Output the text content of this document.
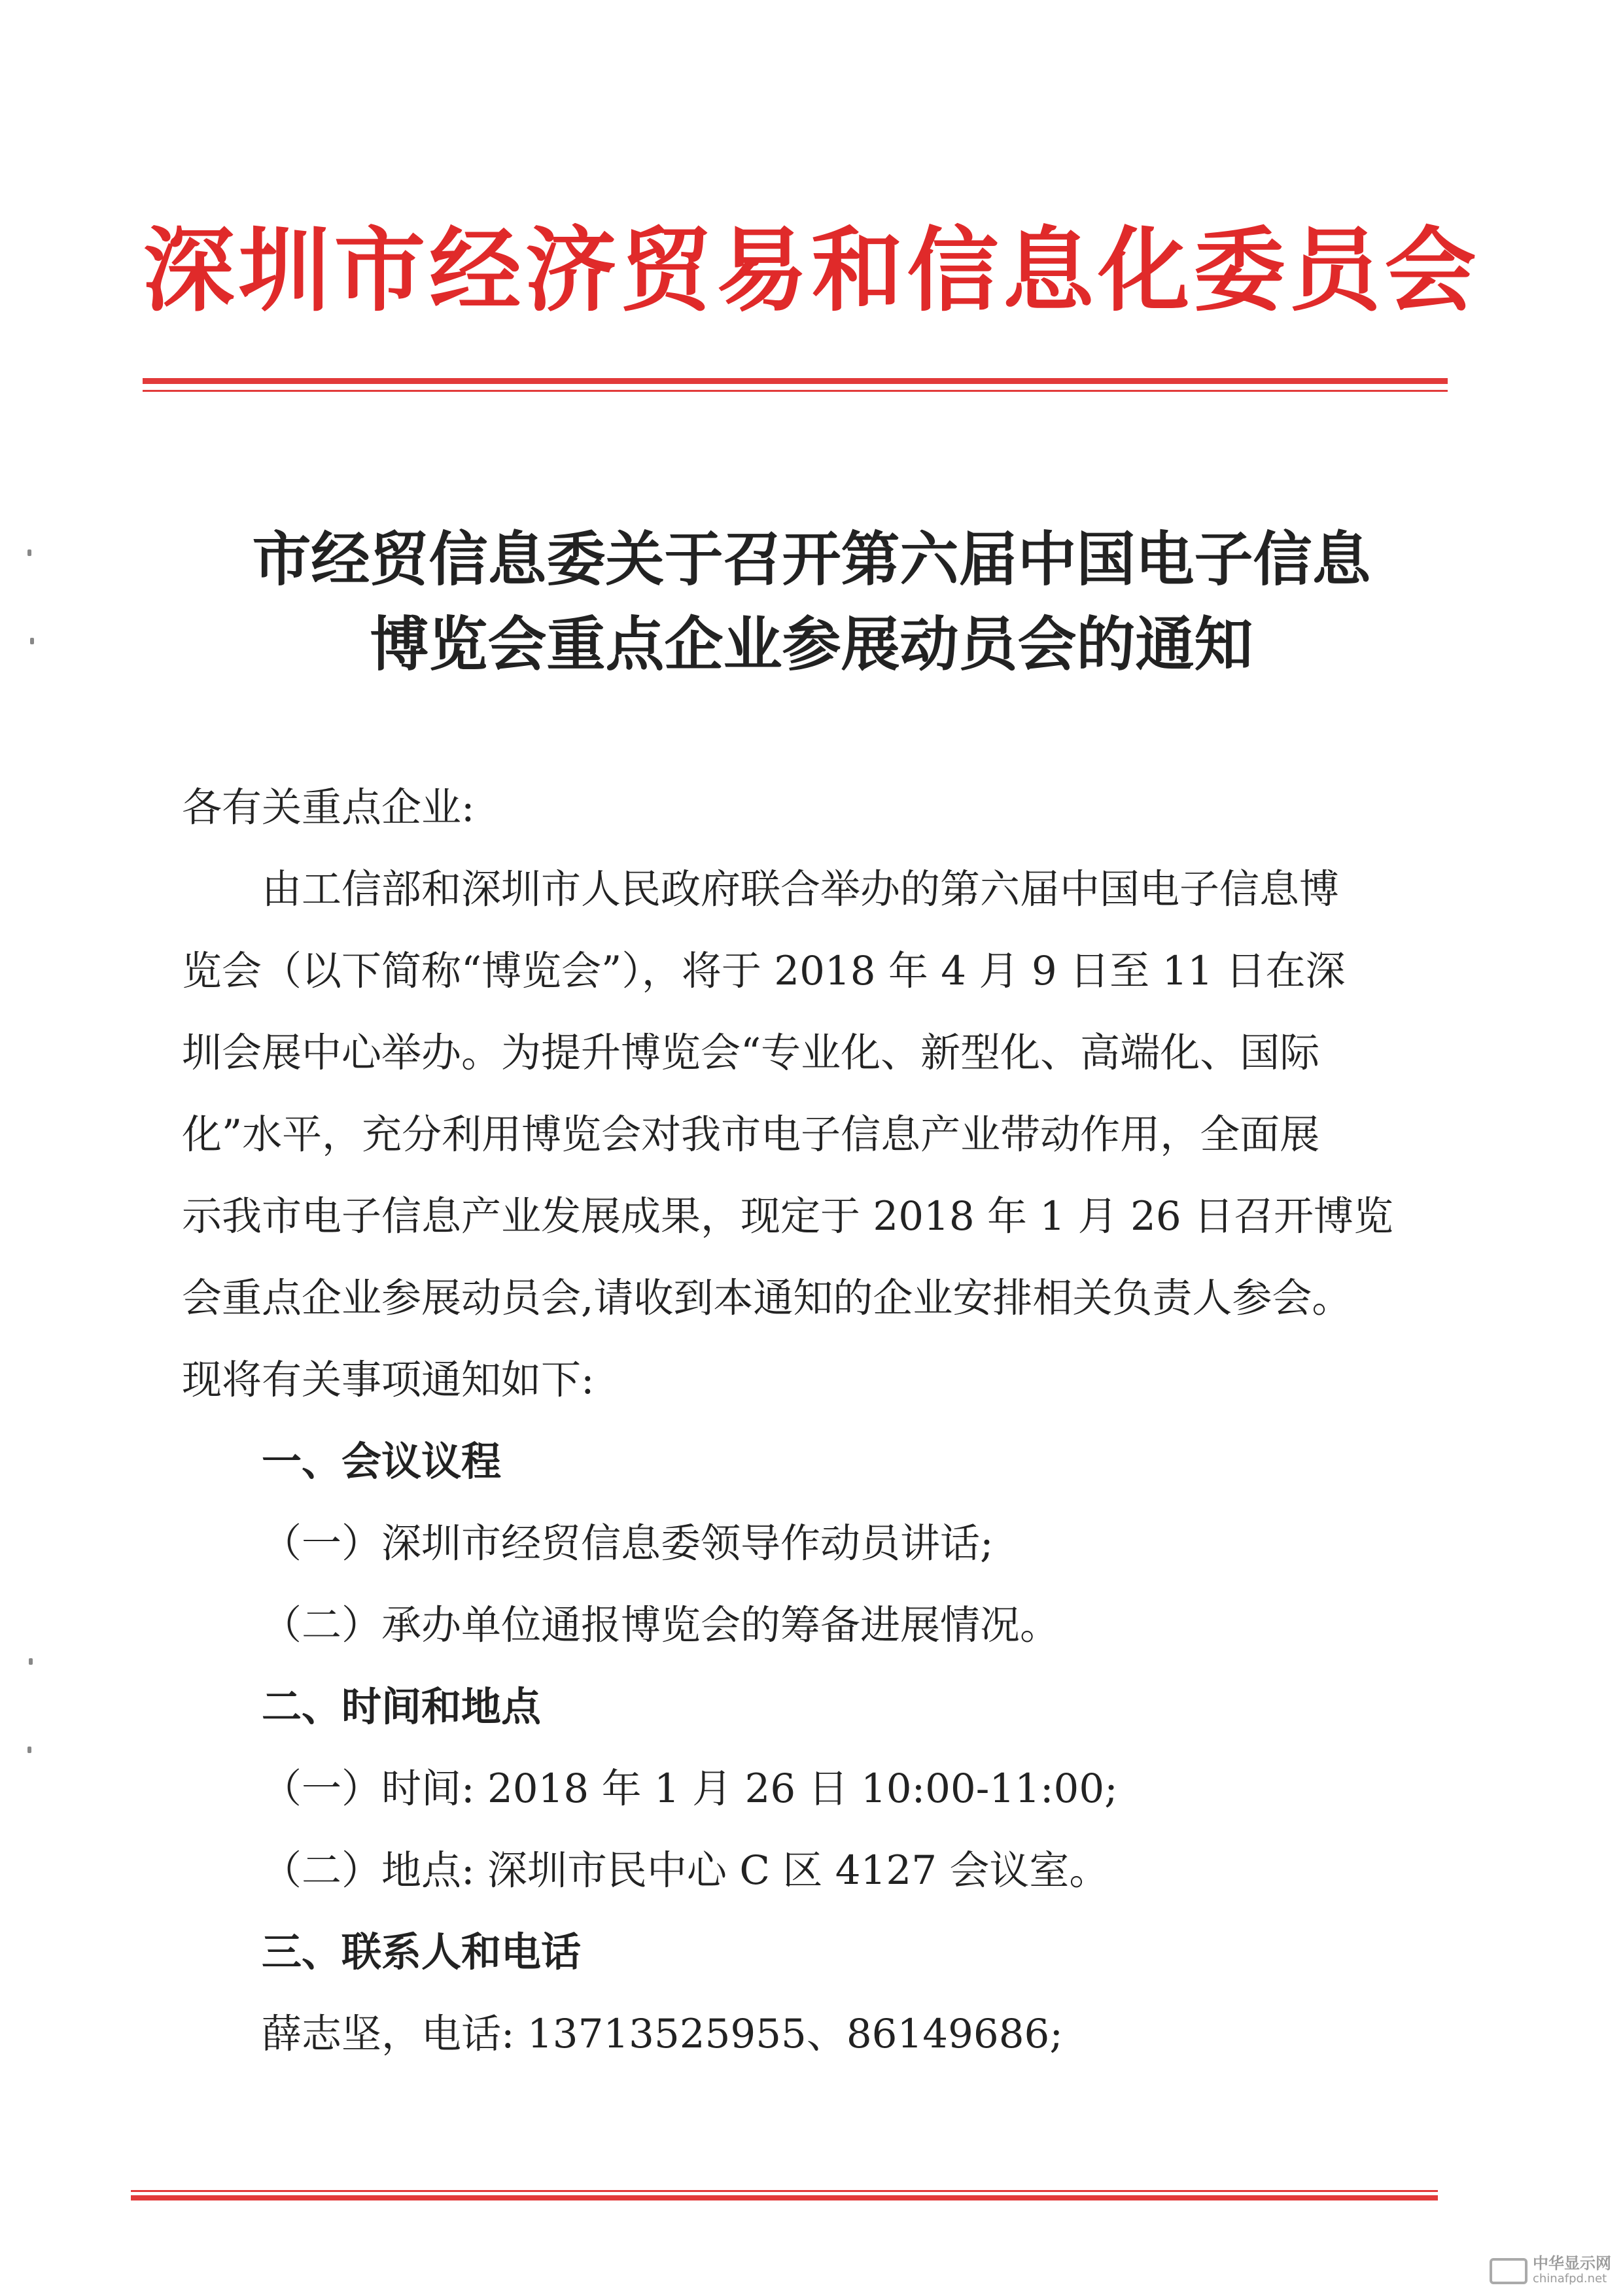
深圳市经济贸易和信息化委员会
市经贸信息委关于召开第六届中国电子信息
博览会重点企业参展动员会的通知
各有关重点企业:
　　由工信部和深圳市人民政府联合举办的第六届中国电子信息博
览会（以下简称“博览会”），将于 2018 年 4 月 9 日至 11 日在深
圳会展中心举办。为提升博览会“专业化、新型化、高端化、国际
化”水平，充分利用博览会对我市电子信息产业带动作用，全面展
示我市电子信息产业发展成果，现定于 2018 年 1 月 26 日召开博览
会重点企业参展动员会,请收到本通知的企业安排相关负责人参会。
现将有关事项通知如下:
一、会议议程
（一）深圳市经贸信息委领导作动员讲话;
（二）承办单位通报博览会的筹备进展情况。
二、时间和地点
（一）时间: 2018 年 1 月 26 日 10:00-11:00;
（二）地点: 深圳市民中心 C 区 4127 会议室。
三、联系人和电话
薛志坚，电话: 13713525955、86149686;
中华显示网
chinafpd.net
